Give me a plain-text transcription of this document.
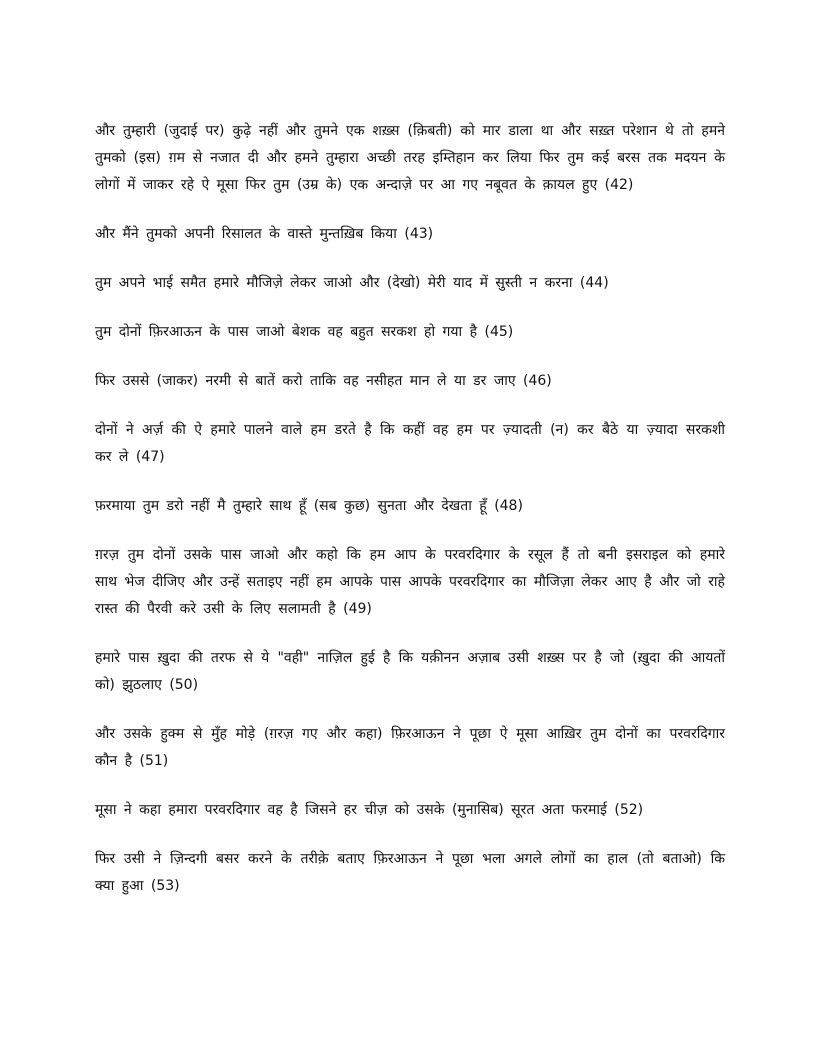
और तुम्हारी (जुदाई पर) कुढ़े नहीं और तुमने एक शख़्स (क़िबती) को मार डाला था और सख़्त परेशान थे तो हमने तुमको (इस) ग़म से नजात दी और हमने तुम्हारा अच्छी तरह इम्तिहान कर लिया फिर तुम कई बरस तक मदयन के लोगों में जाकर रहे ऐ मूसा फिर तुम (उम्र के) एक अन्दाज़े पर आ गए नबूवत के क़ायल हुए (42)

और मैंने तुमको अपनी रिसालत के वास्ते मुन्तख़िब किया (43)

तुम अपने भाई समैत हमारे मौजिज़े लेकर जाओ और (देखो) मेरी याद में सुस्ती न करना (44)

तुम दोनों फ़िरआऊन के पास जाओ बेशक वह बहुत सरकश हो गया है (45)

फिर उससे (जाकर) नरमी से बातें करो ताकि वह नसीहत मान ले या डर जाए (46)

दोनों ने अर्ज़ की ऐ हमारे पालने वाले हम डरते है कि कहीं वह हम पर ज़्यादती (न) कर बैठे या ज़्यादा सरकशी कर ले (47)

फ़रमाया तुम डरो नहीं मै तुम्हारे साथ हूँ (सब कुछ) सुनता और देखता हूँ (48)

ग़रज़ तुम दोनों उसके पास जाओ और कहो कि हम आप के परवरदिगार के रसूल हैं तो बनी इसराइल को हमारे साथ भेज दीजिए और उन्हें सताइए नहीं हम आपके पास आपके परवरदिगार का मौजिज़ा लेकर आए है और जो राहे रास्त की पैरवी करे उसी के लिए सलामती है (49)

हमारे पास ख़ुदा की तरफ से ये "वही" नाज़िल हुई है कि यक़ीनन अज़ाब उसी शख़्स पर है जो (ख़ुदा की आयतों को) झुठलाए (50)

और उसके हुक्म से मुँह मोड़े (ग़रज़ गए और कहा) फ़िरआऊन ने पूछा ऐ मूसा आख़िर तुम दोनों का परवरदिगार कौन है (51)

मूसा ने कहा हमारा परवरदिगार वह है जिसने हर चीज़ को उसके (मुनासिब) सूरत अता फरमाई (52)

फिर उसी ने ज़िन्दगी बसर करने के तरीक़े बताए फ़िरआऊन ने पूछा भला अगले लोगों का हाल (तो बताओ) कि क्या हुआ (53)
